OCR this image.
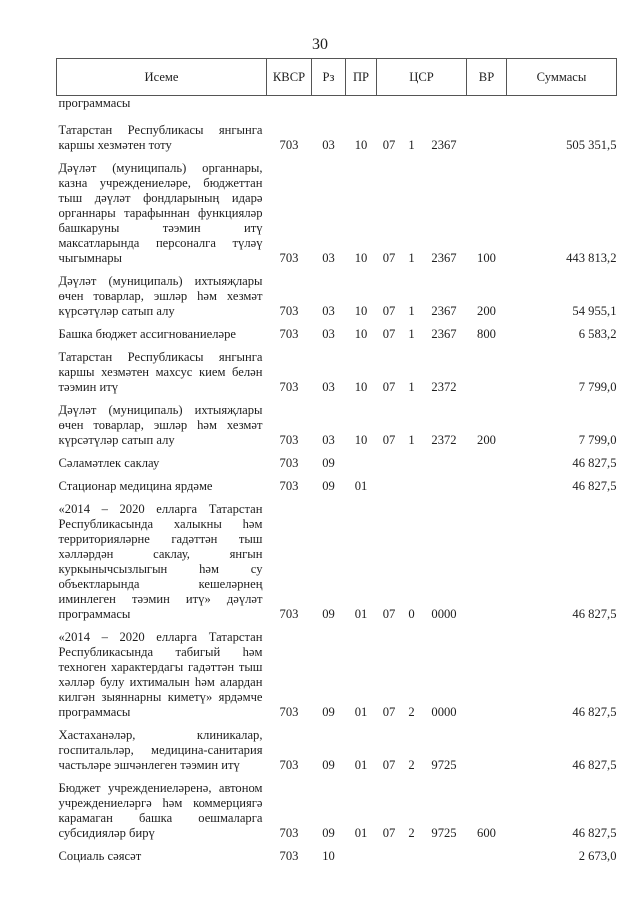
30
Исеме	КВСР	Рз	ПР	ЦСР			ВР	Суммасы
программасы								
Татарстан Республикасы янгынга каршы хезмәтен тоту	703	03	10	07	1	2367		505 351,5
Дәүләт (муниципаль) органнары, казна учреждениеләре, бюджеттан тыш дәүләт фондларының идарә органнары тарафыннан функцияләр башкаруны тәэмин итү максатларында персоналга түләү чыгымнары	703	03	10	07	1	2367	100	443 813,2
Дәүләт (муниципаль) ихтыяҗлары өчен товарлар, эшләр һәм хезмәт күрсәтүләр сатып алу	703	03	10	07	1	2367	200	54 955,1
Башка бюджет ассигнованиеләре	703	03	10	07	1	2367	800	6 583,2
Татарстан Республикасы янгынга каршы хезмәтен махсус кием белән тәэмин итү	703	03	10	07	1	2372		7 799,0
Дәүләт (муниципаль) ихтыяҗлары өчен товарлар, эшләр һәм хезмәт күрсәтүләр сатып алу	703	03	10	07	1	2372	200	7 799,0
Сәламәтлек саклау	703	09						46 827,5
Стационар медицина ярдәме	703	09	01					46 827,5
«2014 – 2020 елларга Татарстан Республикасында халыкны һәм территорияләрне гадәттән тыш хәлләрдән саклау, янгын куркынычсызлыгын һәм су объектларында кешеләрнең иминлеген тәэмин итү» дәүләт программасы	703	09	01	07	0	0000		46 827,5
«2014 – 2020 елларга Татарстан Республикасында табигый һәм техноген характердагы гадәттән тыш хәлләр булу ихтималын һәм алардан килгән зыяннарны киметү» ярдәмче программасы	703	09	01	07	2	0000		46 827,5
Хастаханәләр, клиникалар, госпитальләр, медицина-санитария частьләре эшчәнлеген тәэмин итү	703	09	01	07	2	9725		46 827,5
Бюджет учреждениеләренә, автоном учреждениеләргә һәм коммерциягә карамаган башка оешмаларга субсидияләр бирү	703	09	01	07	2	9725	600	46 827,5
Социаль сәясәт	703	10						2 673,0
